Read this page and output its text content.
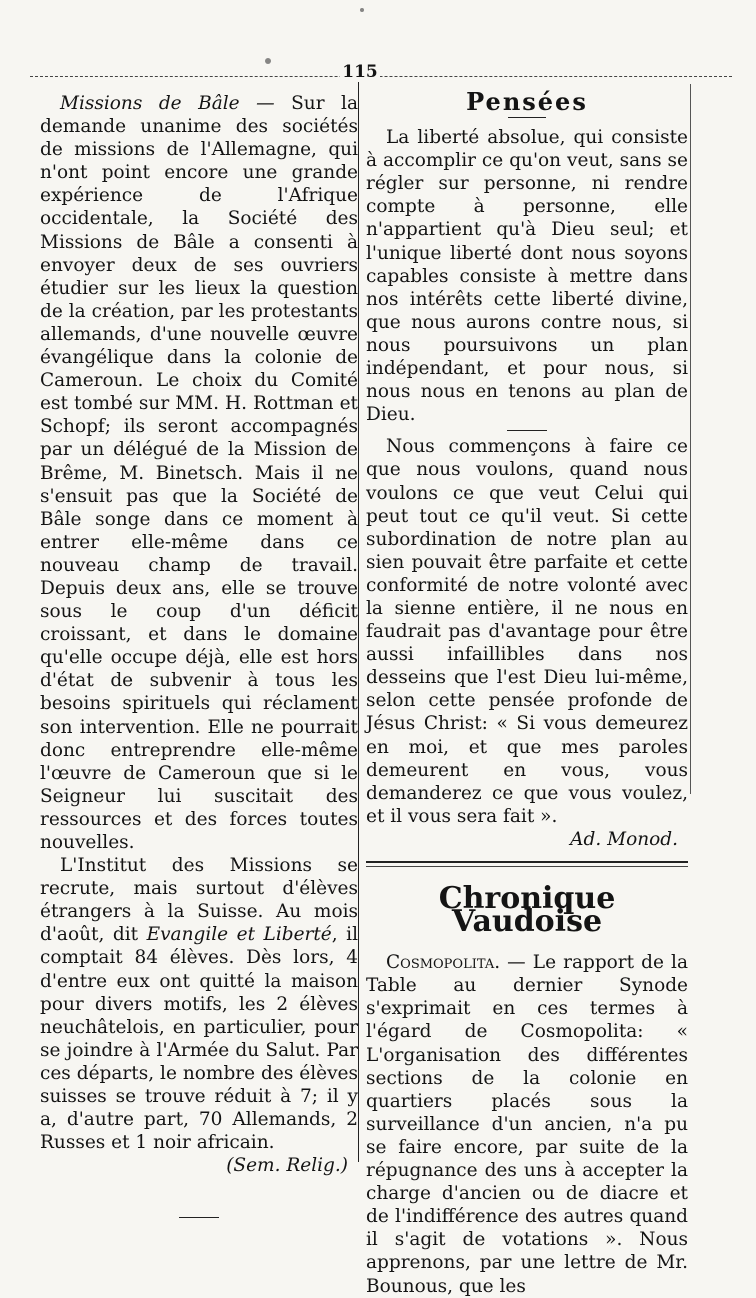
115

Missions de Bâle — Sur la demande unanime des sociétés de missions de l'Allemagne, qui n'ont point encore une grande expérience de l'Afrique occidentale, la Société des Missions de Bâle a consenti à envoyer deux de ses ouvriers étudier sur les lieux la question de la création, par les protestants allemands, d'une nouvelle œuvre évangélique dans la colonie de Cameroun. Le choix du Comité est tombé sur MM. H. Rottman et Schopf; ils seront accompagnés par un délégué de la Mission de Brême, M. Binetsch. Mais il ne s'ensuit pas que la Société de Bâle songe dans ce moment à entrer elle-même dans ce nouveau champ de travail. Depuis deux ans, elle se trouve sous le coup d'un déficit croissant, et dans le domaine qu'elle occupe déjà, elle est hors d'état de subvenir à tous les besoins spirituels qui réclament son intervention. Elle ne pourrait donc entreprendre elle-même l'œuvre de Cameroun que si le Seigneur lui suscitait des ressources et des forces toutes nouvelles.

L'Institut des Missions se recrute, mais surtout d'élèves étrangers à la Suisse. Au mois d'août, dit Evangile et Liberté, il comptait 84 élèves. Dès lors, 4 d'entre eux ont quitté la maison pour divers motifs, les 2 élèves neuchâtelois, en particulier, pour se joindre à l'Armée du Salut. Par ces départs, le nombre des élèves suisses se trouve réduit à 7; il y a, d'autre part, 70 Allemands, 2 Russes et 1 noir africain.

(Sem. Relig.)

Pensées

La liberté absolue, qui consiste à accomplir ce qu'on veut, sans se régler sur personne, ni rendre compte à personne, elle n'appartient qu'à Dieu seul; et l'unique liberté dont nous soyons capables consiste à mettre dans nos intérêts cette liberté divine, que nous aurons contre nous, si nous poursuivons un plan indépendant, et pour nous, si nous nous en tenons au plan de Dieu.

Nous commençons à faire ce que nous voulons, quand nous voulons ce que veut Celui qui peut tout ce qu'il veut. Si cette subordination de notre plan au sien pouvait être parfaite et cette conformité de notre volonté avec la sienne entière, il ne nous en faudrait pas d'avantage pour être aussi infaillibles dans nos desseins que l'est Dieu lui-même, selon cette pensée profonde de Jésus Christ: « Si vous demeurez en moi, et que mes paroles demeurent en vous, vous demanderez ce que vous voulez, et il vous sera fait ».

Ad. Monod.

Chronique Vaudoise

Cosmopolita. — Le rapport de la Table au dernier Synode s'exprimait en ces termes à l'égard de Cosmopolita: « L'organisation des différentes sections de la colonie en quartiers placés sous la surveillance d'un ancien, n'a pu se faire encore, par suite de la répugnance des uns à accepter la charge d'ancien ou de diacre et de l'indifférence des autres quand il s'agit de votations ». Nous apprenons, par une lettre de Mr. Bounous, que les
